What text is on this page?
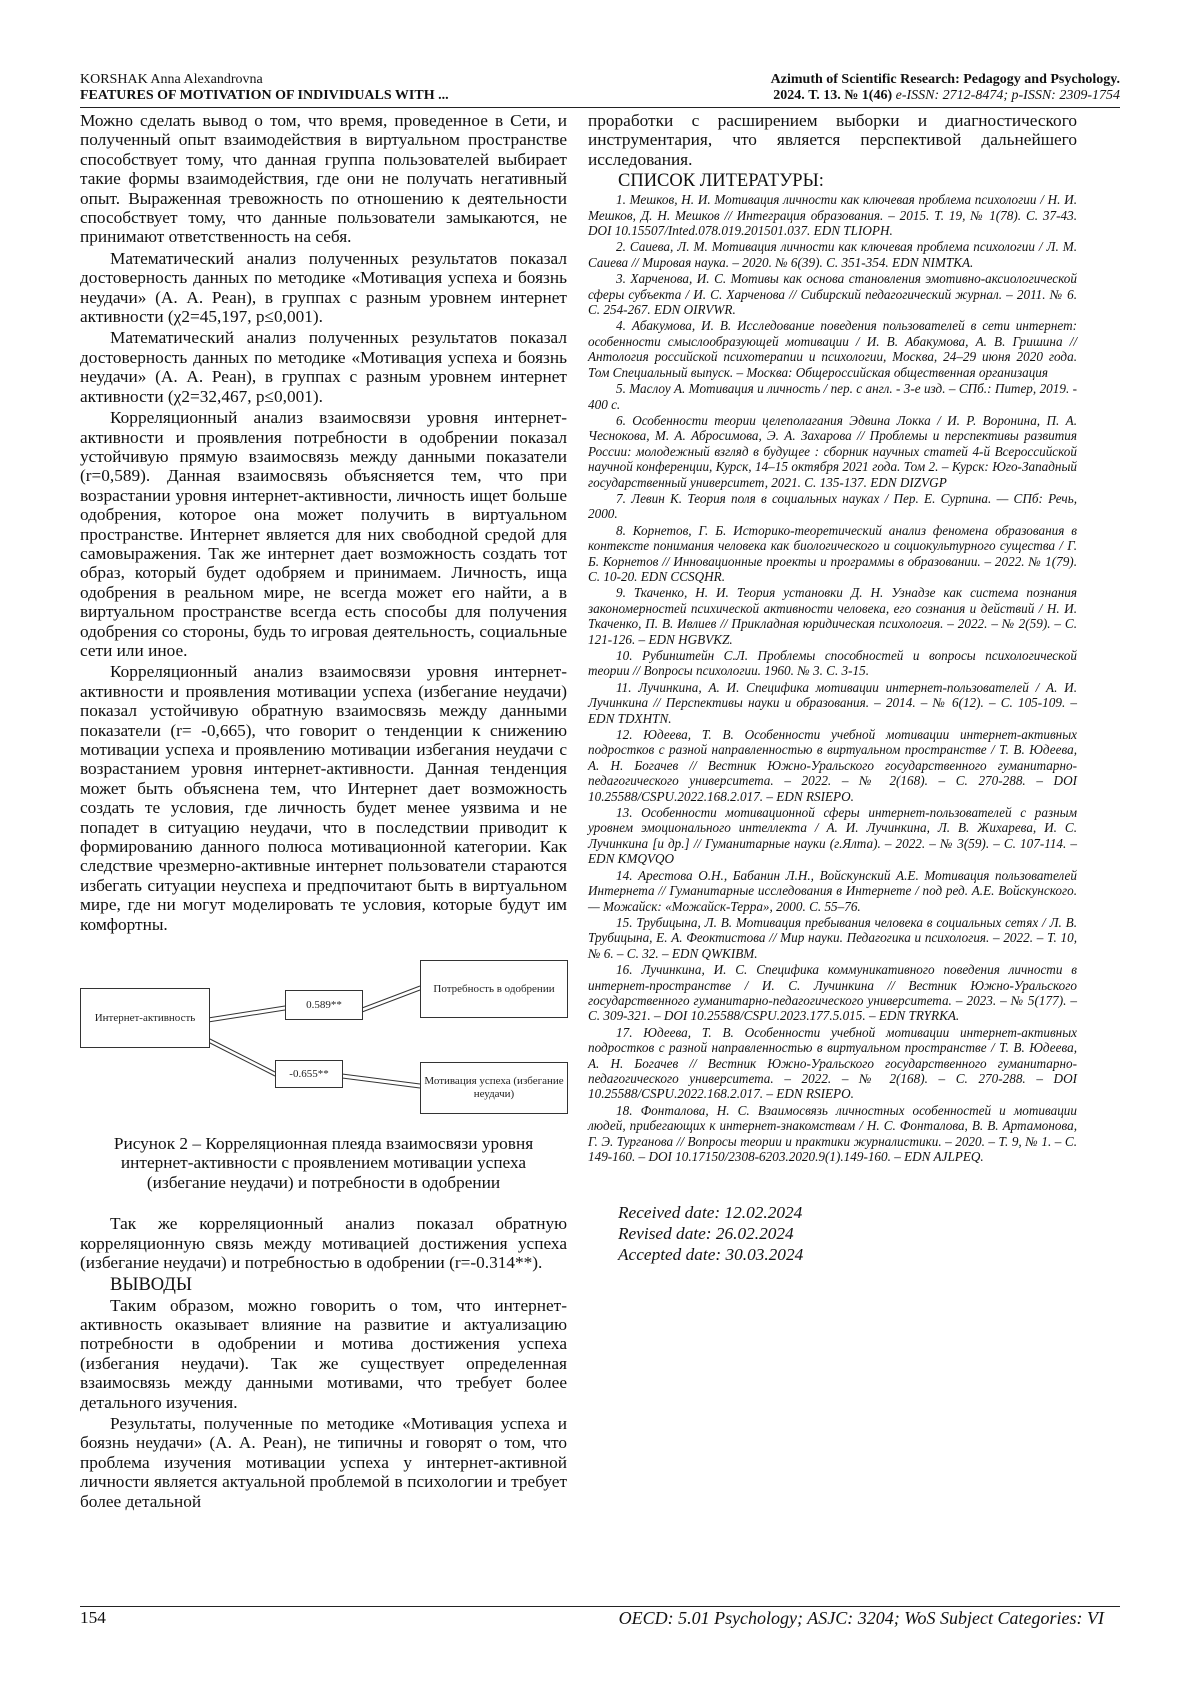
KORSHAK Anna Alexandrovna
FEATURES OF MOTIVATION OF INDIVIDUALS WITH ...
Azimuth of Scientific Research: Pedagogy and Psychology.
2024. Т. 13. № 1(46) e-ISSN: 2712-8474; p-ISSN: 2309-1754

Можно сделать вывод о том, что время, проведенное в Сети, и полученный опыт взаимодействия в виртуальном пространстве способствует тому, что данная группа пользователей выбирает такие формы взаимодействия, где они не получать негативный опыт. Выраженная тревожность по отношению к деятельности способствует тому, что данные пользователи замыкаются, не принимают ответственность на себя.

Математический анализ полученных результатов показал достоверность данных по методике «Мотивация успеха и боязнь неудачи» (А. А. Реан), в группах с разным уровнем интернет активности (χ2=45,197, p≤0,001).

Математический анализ полученных результатов показал достоверность данных по методике «Мотивация успеха и боязнь неудачи» (А. А. Реан), в группах с разным уровнем интернет активности (χ2=32,467, p≤0,001).

Корреляционный анализ взаимосвязи уровня интернет-активности и проявления потребности в одобрении показал устойчивую прямую взаимосвязь между данными показатели (r=0,589). Данная взаимосвязь объясняется тем, что при возрастании уровня интернет-активности, личность ищет больше одобрения, которое она может получить в виртуальном пространстве. Интернет является для них свободной средой для самовыражения. Так же интернет дает возможность создать тот образ, который будет одобряем и принимаем. Личность, ища одобрения в реальном мире, не всегда может его найти, а в виртуальном пространстве всегда есть способы для получения одобрения со стороны, будь то игровая деятельность, социальные сети или иное.

Корреляционный анализ взаимосвязи уровня интернет-активности и проявления мотивации успеха (избегание неудачи) показал устойчивую обратную взаимосвязь между данными показатели (r= -0,665), что говорит о тенденции к снижению мотивации успеха и проявлению мотивации избегания неудачи с возрастанием уровня интернет-активности. Данная тенденция может быть объяснена тем, что Интернет дает возможность создать те условия, где личность будет менее уязвима и не попадет в ситуацию неудачи, что в последствии приводит к формированию данного полюса мотивационной категории. Как следствие чрезмерно-активные интернет пользователи стараются избегать ситуации неуспеха и предпочитают быть в виртуальном мире, где ни могут моделировать те условия, которые будут им комфортны.

Интернет-активность
0.589**
Потребность в одобрении
-0.655**
Мотивация успеха (избегание неудачи)

Рисунок 2 – Корреляционная плеяда взаимосвязи уровня интернет-активности с проявлением мотивации успеха (избегание неудачи) и потребности в одобрении

Так же корреляционный анализ показал обратную корреляционную связь между мотивацией достижения успеха (избегание неудачи) и потребностью в одобрении (r=-0.314**).

ВЫВОДЫ

Таким образом, можно говорить о том, что интернет-активность оказывает влияние на развитие и актуализацию потребности в одобрении и мотива достижения успеха (избегания неудачи). Так же существует определенная взаимосвязь между данными мотивами, что требует более детального изучения.

Результаты, полученные по методике «Мотивация успеха и боязнь неудачи» (А. А. Реан), не типичны и говорят о том, что проблема изучения мотивации успеха у интернет-активной личности является актуальной проблемой в психологии и требует более детальной

проработки с расширением выборки и диагностического инструментария, что является перспективой дальнейшего исследования.

СПИСОК ЛИТЕРАТУРЫ:

1. Мешков, Н. И. Мотивация личности как ключевая проблема психологии / Н. И. Мешков, Д. Н. Мешков // Интеграция образования. – 2015. Т. 19, № 1(78). С. 37-43. DOI 10.15507/Inted.078.019.201501.037. EDN TLIOPH.

2. Саиева, Л. М. Мотивация личности как ключевая проблема психологии / Л. М. Саиева // Мировая наука. – 2020. № 6(39). С. 351-354. EDN NIMTKA.

3. Харченова, И. С. Мотивы как основа становления эмотивно-аксиологической сферы субъекта / И. С. Харченова // Сибирский педагогический журнал. – 2011. № 6. С. 254-267. EDN OIRVWR.

4. Абакумова, И. В. Исследование поведения пользователей в сети интернет: особенности смыслообразующей мотивации / И. В. Абакумова, А. В. Гришина // Антология российской психотерапии и психологии, Москва, 24–29 июня 2020 года. Том Специальный выпуск. – Москва: Общероссийская общественная организация

5. Маслоу А. Мотивация и личность / пер. с англ. - 3-е изд. – СПб.: Питер, 2019. - 400 с.

6. Особенности теории целеполагания Эдвина Локка / И. Р. Воронина, П. А. Чеснокова, М. А. Абросимова, Э. А. Захарова // Проблемы и перспективы развития России: молодежный взгляд в будущее : сборник научных статей 4-й Всероссийской научной конференции, Курск, 14–15 октября 2021 года. Том 2. – Курск: Юго-Западный государственный университет, 2021. С. 135-137. EDN DIZVGP

7. Левин К. Теория поля в социальных науках / Пер. Е. Сурпина. — СПб: Речь, 2000.

8. Корнетов, Г. Б. Историко-теоретический анализ феномена образования в контексте понимания человека как биологического и социокультурного существа / Г. Б. Корнетов // Инновационные проекты и программы в образовании. – 2022. № 1(79). С. 10-20. EDN CCSQHR.

9. Ткаченко, Н. И. Теория установки Д. Н. Узнадзе как система познания закономерностей психической активности человека, его сознания и действий / Н. И. Ткаченко, П. В. Ивлиев // Прикладная юридическая психология. – 2022. – № 2(59). – С. 121-126. – EDN HGBVKZ.

10. Рубинштейн С.Л. Проблемы способностей и вопросы психологической теории // Вопросы психологии. 1960. № 3. С. 3-15.

11. Лучинкина, А. И. Специфика мотивации интернет-пользователей / А. И. Лучинкина // Перспективы науки и образования. – 2014. – № 6(12). – С. 105-109. – EDN TDXHTN.

12. Юдеева, Т. В. Особенности учебной мотивации интернет-активных подростков с разной направленностью в виртуальном пространстве / Т. В. Юдеева, А. Н. Богачев // Вестник Южно-Уральского государственного гуманитарно-педагогического университета. – 2022. – № 2(168). – С. 270-288. – DOI 10.25588/CSPU.2022.168.2.017. – EDN RSIEPO.

13. Особенности мотивационной сферы интернет-пользователей с разным уровнем эмоционального интеллекта / А. И. Лучинкина, Л. В. Жихарева, И. С. Лучинкина [и др.] // Гуманитарные науки (г.Ялта). – 2022. – № 3(59). – С. 107-114. – EDN KMQVQO

14. Арестова О.Н., Бабанин Л.Н., Войскунский А.Е. Мотивация пользователей Интернета // Гуманитарные исследования в Интернете / под ред. А.Е. Войскунского. — Можайск: «Можайск-Терра», 2000. С. 55–76.

15. Трубицына, Л. В. Мотивация пребывания человека в социальных сетях / Л. В. Трубицына, Е. А. Феоктистова // Мир науки. Педагогика и психология. – 2022. – Т. 10, № 6. – С. 32. – EDN QWKIBM.

16. Лучинкина, И. С. Специфика коммуникативного поведения личности в интернет-пространстве / И. С. Лучинкина // Вестник Южно-Уральского государственного гуманитарно-педагогического университета. – 2023. – № 5(177). – С. 309-321. – DOI 10.25588/CSPU.2023.177.5.015. – EDN TRYRKA.

17. Юдеева, Т. В. Особенности учебной мотивации интернет-активных подростков с разной направленностью в виртуальном пространстве / Т. В. Юдеева, А. Н. Богачев // Вестник Южно-Уральского государственного гуманитарно-педагогического университета. – 2022. – № 2(168). – С. 270-288. – DOI 10.25588/CSPU.2022.168.2.017. – EDN RSIEPO.

18. Фонталова, Н. С. Взаимосвязь личностных особенностей и мотивации людей, прибегающих к интернет-знакомствам / Н. С. Фонталова, В. В. Артамонова, Г. Э. Турганова // Вопросы теории и практики журналистики. – 2020. – Т. 9, № 1. – С. 149-160. – DOI 10.17150/2308-6203.2020.9(1).149-160. – EDN AJLPEQ.

Received date: 12.02.2024
Revised date: 26.02.2024
Accepted date: 30.03.2024
154	OECD: 5.01 Psychology; ASJC: 3204; WoS Subject Categories: VI
